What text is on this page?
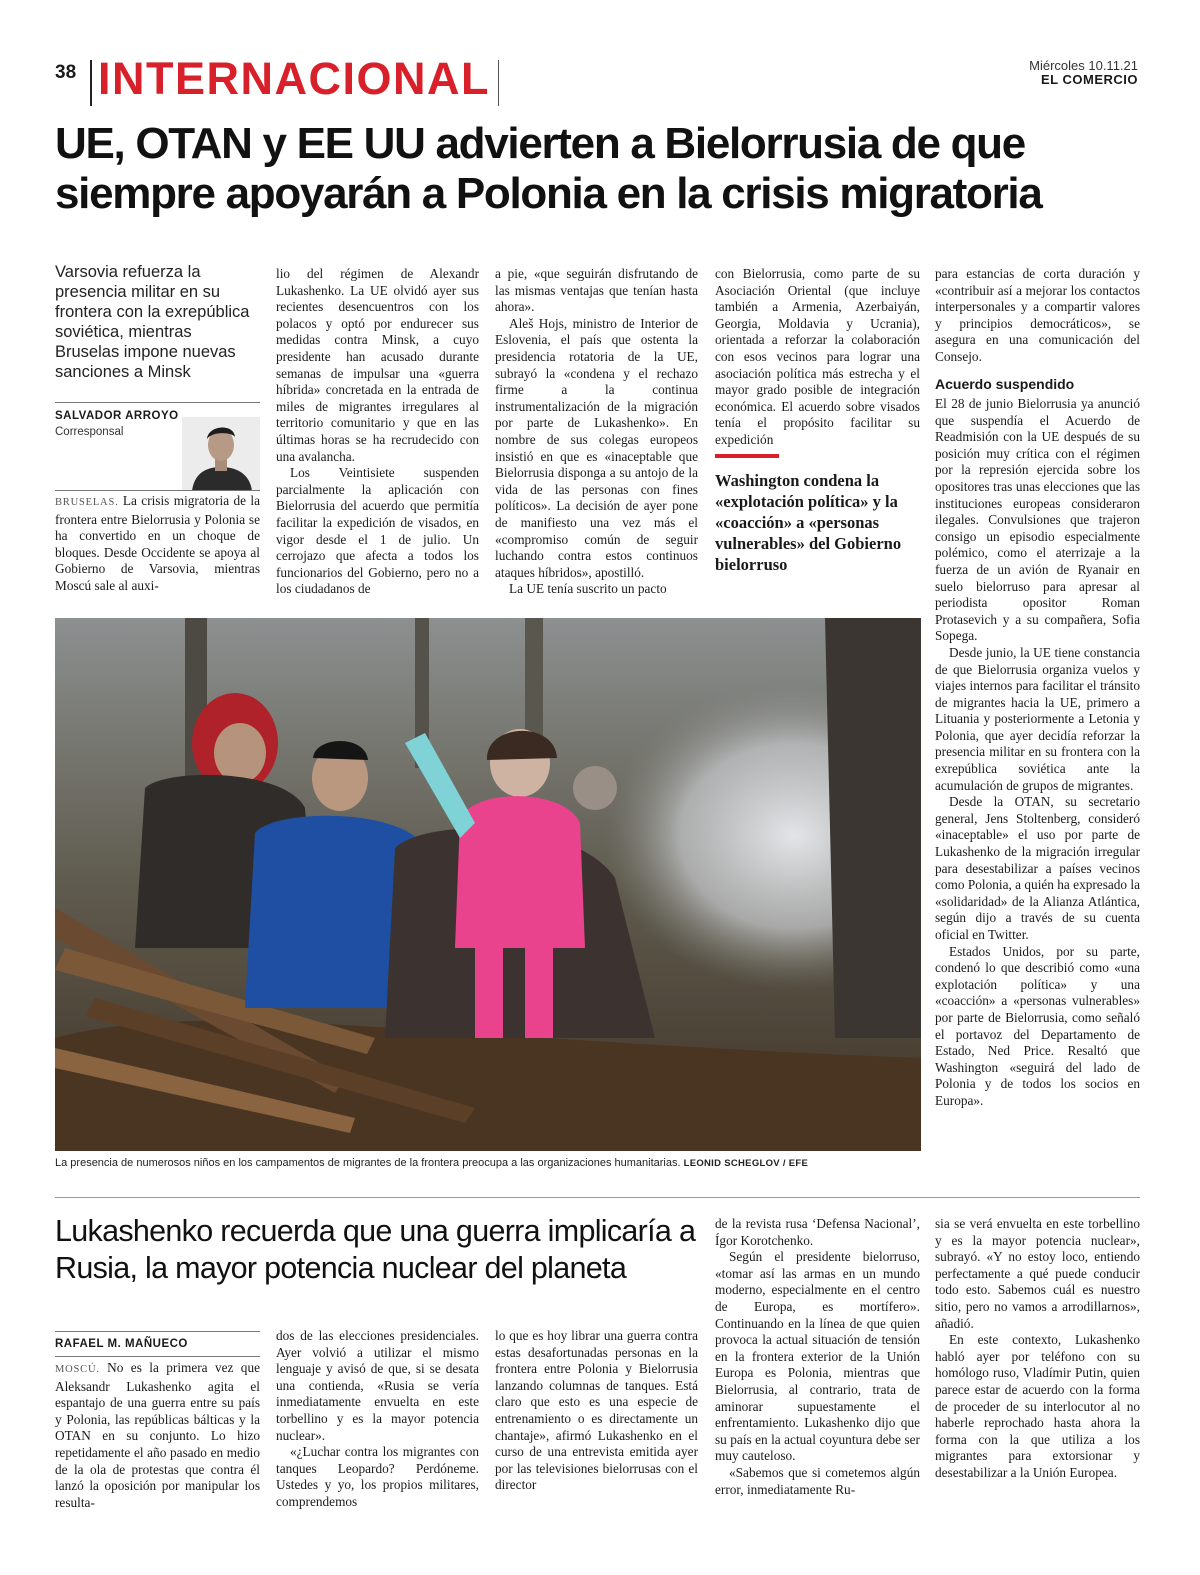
38 INTERNACIONAL	Miércoles 10.11.21
EL COMERCIO
UE, OTAN y EE UU advierten a Bielorrusia de que siempre apoyarán a Polonia en la crisis migratoria
Varsovia refuerza la presencia militar en su frontera con la exrepública soviética, mientras Bruselas impone nuevas sanciones a Minsk
SALVADOR ARROYO
Corresponsal

BRUSELAS. La crisis migratoria de la frontera entre Bielorrusia y Polonia se ha convertido en un choque de bloques. Desde Occidente se apoya al Gobierno de Varsovia, mientras Moscú sale al auxi-

lio del régimen de Alexandr Lukashenko. La UE olvidó ayer sus recientes desencuentros con los polacos y optó por endurecer sus medidas contra Minsk, a cuyo presidente han acusado durante semanas de impulsar una «guerra híbrida» concretada en la entrada de miles de migrantes irregulares al territorio comunitario y que en las últimas horas se ha recrudecido con una avalancha.

Los Veintisiete suspenden parcialmente la aplicación con Bielorrusia del acuerdo que permitía facilitar la expedición de visados, en vigor desde el 1 de julio. Un cerrojazo que afecta a todos los funcionarios del Gobierno, pero no a los ciudadanos de

a pie, «que seguirán disfrutando de las mismas ventajas que tenían hasta ahora».

Aleš Hojs, ministro de Interior de Eslovenia, el país que ostenta la presidencia rotatoria de la UE, subrayó la «condena y el rechazo firme a la continua instrumentalización de la migración por parte de Lukashenko». En nombre de sus colegas europeos insistió en que es «inaceptable que Bielorrusia disponga a su antojo de la vida de las personas con fines políticos». La decisión de ayer pone de manifiesto una vez más el «compromiso común de seguir luchando contra estos continuos ataques híbridos», apostilló.

La UE tenía suscrito un pacto

con Bielorrusia, como parte de su Asociación Oriental (que incluye también a Armenia, Azerbaiyán, Georgia, Moldavia y Ucrania), orientada a reforzar la colaboración con esos vecinos para lograr una asociación política más estrecha y el mayor grado posible de integración económica. El acuerdo sobre visados tenía el propósito facilitar su expedición

Washington condena la «explotación política» y la «coacción» a «personas vulnerables» del Gobierno bielorruso

para estancias de corta duración y «contribuir así a mejorar los contactos interpersonales y a compartir valores y principios democráticos», se asegura en una comunicación del Consejo.

Acuerdo suspendido

El 28 de junio Bielorrusia ya anunció que suspendía el Acuerdo de Readmisión con la UE después de su posición muy crítica con el régimen por la represión ejercida sobre los opositores tras unas elecciones que las instituciones europeas consideraron ilegales. Convulsiones que trajeron consigo un episodio especialmente polémico, como el aterrizaje a la fuerza de un avión de Ryanair en suelo bielorruso para apresar al periodista opositor Roman Protasevich y a su compañera, Sofia Sopega.

Desde junio, la UE tiene constancia de que Bielorrusia organiza vuelos y viajes internos para facilitar el tránsito de migrantes hacia la UE, primero a Lituania y posteriormente a Letonia y Polonia, que ayer decidía reforzar la presencia militar en su frontera con la exrepública soviética ante la acumulación de grupos de migrantes.

Desde la OTAN, su secretario general, Jens Stoltenberg, consideró «inaceptable» el uso por parte de Lukashenko de la migración irregular para desestabilizar a países vecinos como Polonia, a quién ha expresado la «solidaridad» de la Alianza Atlántica, según dijo a través de su cuenta oficial en Twitter.

Estados Unidos, por su parte, condenó lo que describió como «una explotación política» y una «coacción» a «personas vulnerables» por parte de Bielorrusia, como señaló el portavoz del Departamento de Estado, Ned Price. Resaltó que Washington «seguirá del lado de Polonia y de todos los socios en Europa».

La presencia de numerosos niños en los campamentos de migrantes de la frontera preocupa a las organizaciones humanitarias. LEONID SCHEGLOV / EFE
Lukashenko recuerda que una guerra implicaría a Rusia, la mayor potencia nuclear del planeta
RAFAEL M. MAÑUECO

MOSCÚ. No es la primera vez que Aleksandr Lukashenko agita el espantajo de una guerra entre su país y Polonia, las repúblicas bálticas y la OTAN en su conjunto. Lo hizo repetidamente el año pasado en medio de la ola de protestas que contra él lanzó la oposición por manipular los resulta-

dos de las elecciones presidenciales. Ayer volvió a utilizar el mismo lenguaje y avisó de que, si se desata una contienda, «Rusia se vería inmediatamente envuelta en este torbellino y es la mayor potencia nuclear».

«¿Luchar contra los migrantes con tanques Leopardo? Perdóneme. Ustedes y yo, los propios militares, comprendemos

lo que es hoy librar una guerra contra estas desafortunadas personas en la frontera entre Polonia y Bielorrusia lanzando columnas de tanques. Está claro que esto es una especie de entrenamiento o es directamente un chantaje», afirmó Lukashenko en el curso de una entrevista emitida ayer por las televisiones bielorrusas con el director

de la revista rusa ‘Defensa Nacional’, Ígor Korotchenko.

Según el presidente bielorruso, «tomar así las armas en un mundo moderno, especialmente en el centro de Europa, es mortífero». Continuando en la línea de que quien provoca la actual situación de tensión en la frontera exterior de la Unión Europa es Polonia, mientras que Bielorrusia, al contrario, trata de aminorar supuestamente el enfrentamiento. Lukashenko dijo que su país en la actual coyuntura debe ser muy cauteloso.

«Sabemos que si cometemos algún error, inmediatamente Ru-

sia se verá envuelta en este torbellino y es la mayor potencia nuclear», subrayó. «Y no estoy loco, entiendo perfectamente a qué puede conducir todo esto. Sabemos cuál es nuestro sitio, pero no vamos a arrodillarnos», añadió.

En este contexto, Lukashenko habló ayer por teléfono con su homólogo ruso, Vladímir Putin, quien parece estar de acuerdo con la forma de proceder de su interlocutor al no haberle reprochado hasta ahora la forma con la que utiliza a los migrantes para extorsionar y desestabilizar a la Unión Europea.
